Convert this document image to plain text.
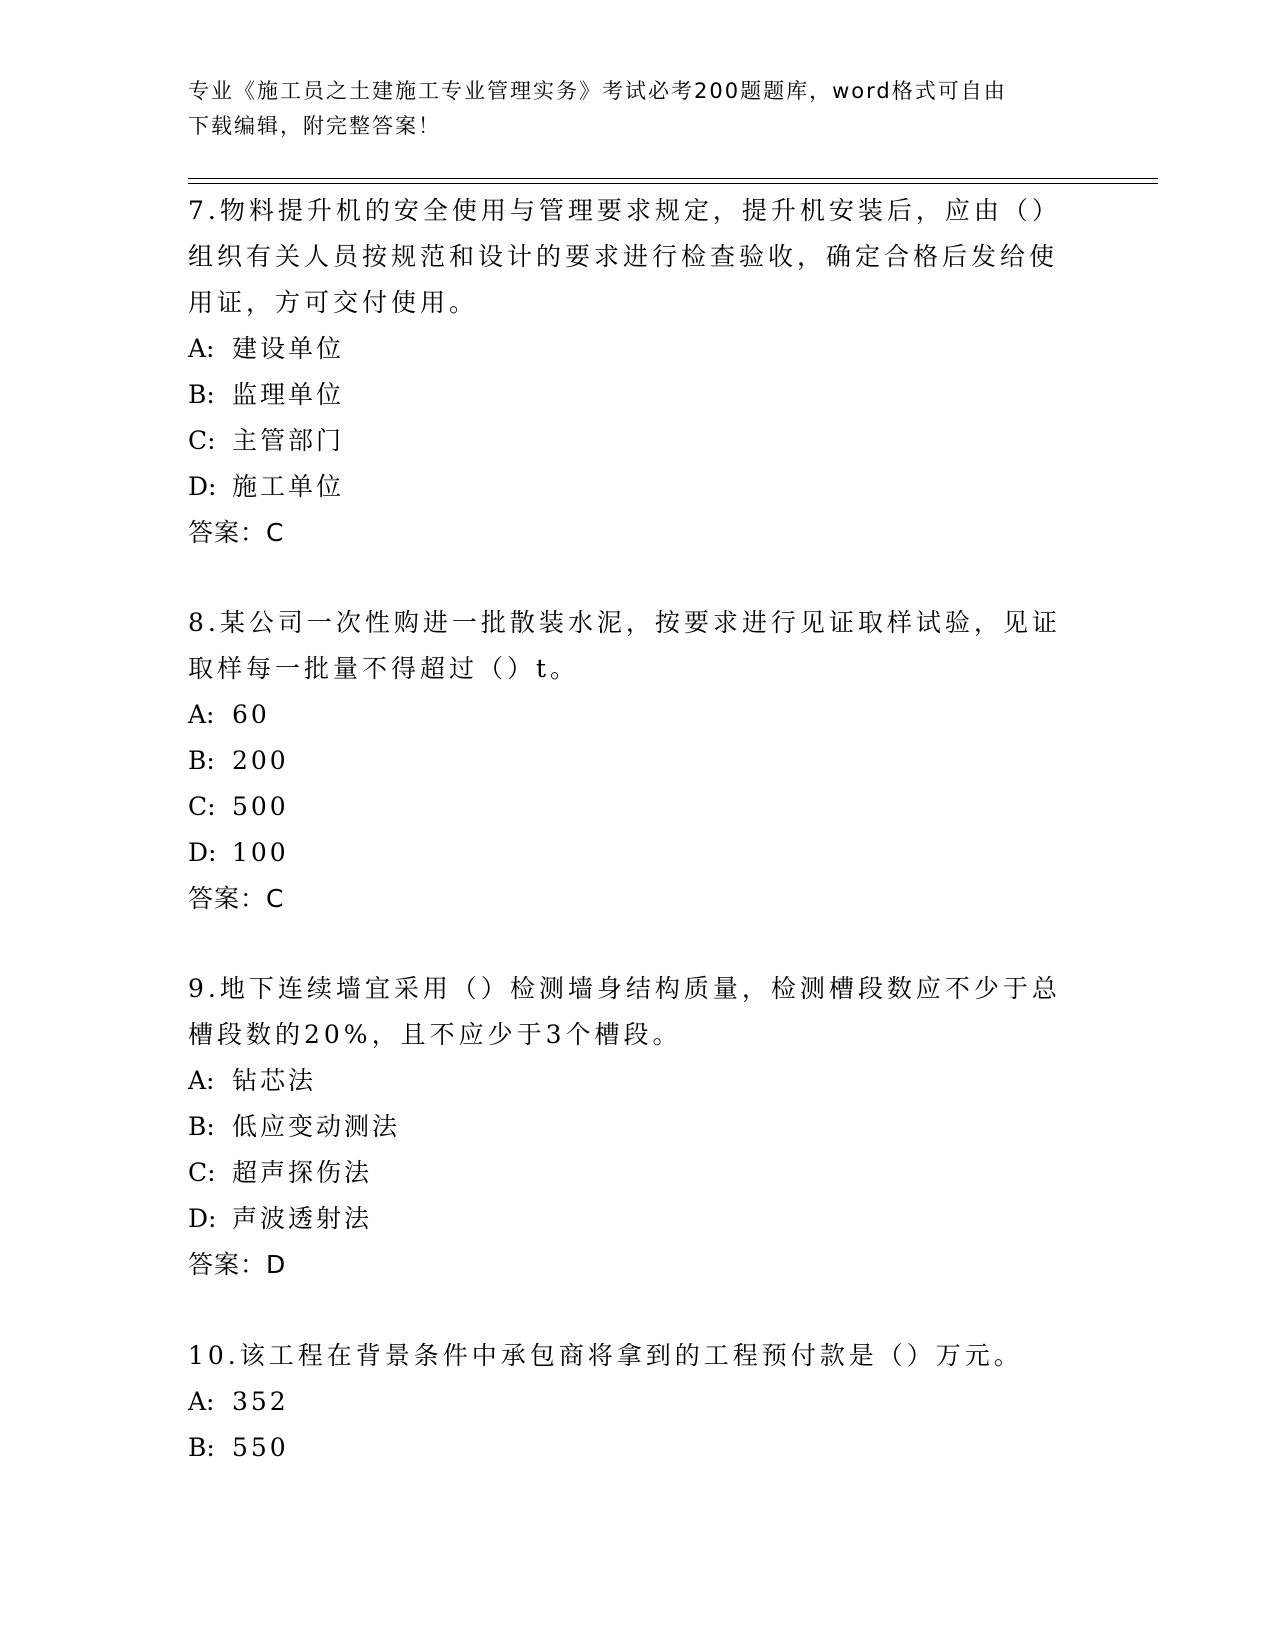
专业《施工员之土建施工专业管理实务》考试必考200题题库，word格式可自由
下载编辑，附完整答案！
7.物料提升机的安全使用与管理要求规定，提升机安装后，应由（）
组织有关人员按规范和设计的要求进行检查验收，确定合格后发给使
用证，方可交付使用。
A: 建设单位
B: 监理单位
C: 主管部门
D: 施工单位
答案：C
8.某公司一次性购进一批散装水泥，按要求进行见证取样试验，见证
取样每一批量不得超过（）t。
A: 60
B: 200
C: 500
D: 100
答案：C
9.地下连续墙宜采用（）检测墙身结构质量，检测槽段数应不少于总
槽段数的20%，且不应少于3个槽段。
A: 钻芯法
B: 低应变动测法
C: 超声探伤法
D: 声波透射法
答案：D
10.该工程在背景条件中承包商将拿到的工程预付款是（）万元。
A: 352
B: 550
